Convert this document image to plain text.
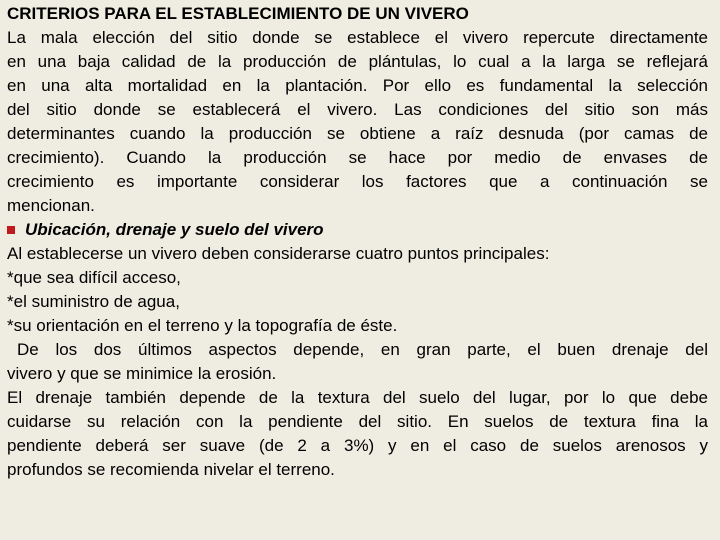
CRITERIOS PARA EL ESTABLECIMIENTO DE UN VIVERO
La mala elección del sitio donde se establece el vivero repercute directamente
en una baja calidad de la producción de plántulas, lo cual a la larga se reflejará
en una alta mortalidad en la plantación. Por ello es fundamental la selección
del sitio donde se establecerá el vivero. Las condiciones del sitio son más
determinantes cuando la producción se obtiene a raíz desnuda (por camas de
crecimiento). Cuando la producción se hace por medio de envases de
crecimiento es importante considerar los factores que a continuación se
mencionan.
Ubicación, drenaje y suelo del vivero
Al establecerse un vivero deben considerarse cuatro puntos principales:
*que sea difícil acceso,
*el suministro de agua,
*su orientación en el terreno y la topografía de éste.
De los dos últimos aspectos depende, en gran parte, el buen drenaje del
vivero y que se minimice la erosión.
El drenaje también depende de la textura del suelo del lugar, por lo que debe
cuidarse su relación con la pendiente del sitio. En suelos de textura fina la
pendiente deberá ser suave (de 2 a 3%) y en el caso de suelos arenosos y
profundos se recomienda nivelar el terreno.
